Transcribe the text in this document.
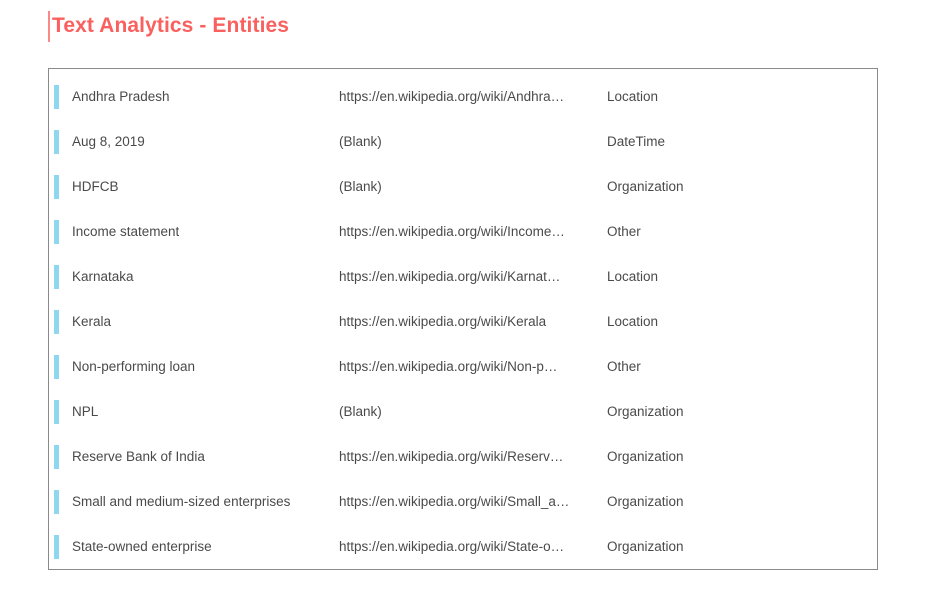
Text Analytics - Entities
Andhra Pradesh	https://en.wikipedia.org/wiki/Andhra…	Location
Aug 8, 2019	(Blank)	DateTime
HDFCB	(Blank)	Organization
Income statement	https://en.wikipedia.org/wiki/Income…	Other
Karnataka	https://en.wikipedia.org/wiki/Karnat…	Location
Kerala	https://en.wikipedia.org/wiki/Kerala	Location
Non-performing loan	https://en.wikipedia.org/wiki/Non-p…	Other
NPL	(Blank)	Organization
Reserve Bank of India	https://en.wikipedia.org/wiki/Reserv…	Organization
Small and medium-sized enterprises	https://en.wikipedia.org/wiki/Small_a…	Organization
State-owned enterprise	https://en.wikipedia.org/wiki/State-o…	Organization
